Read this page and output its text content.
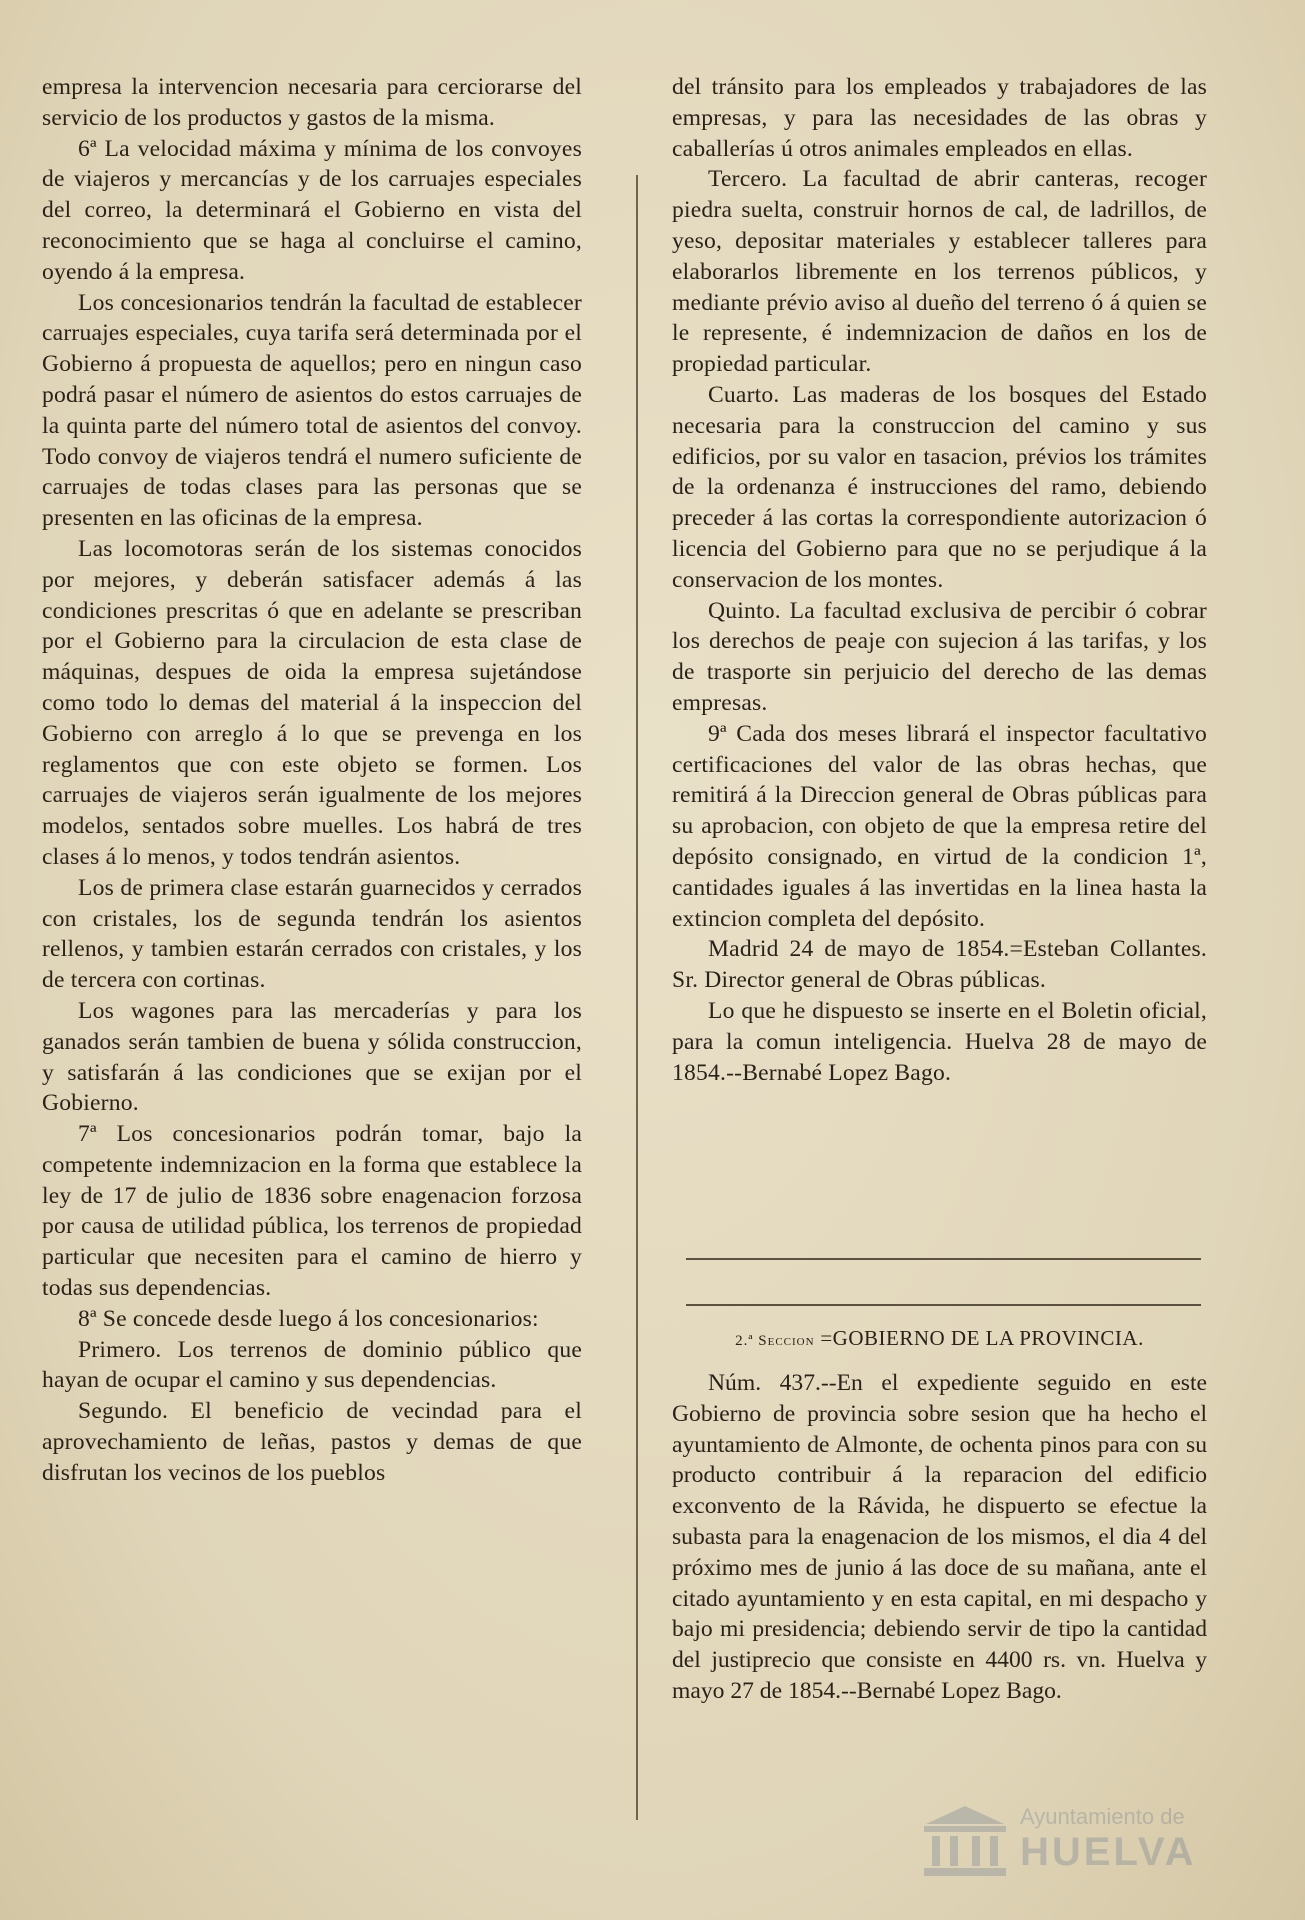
empresa la intervencion necesaria para cerciorarse del servicio de los productos y gastos de la misma.

6ª La velocidad máxima y mínima de los convoyes de viajeros y mercancías y de los carruajes especiales del correo, la determinará el Gobierno en vista del reconocimiento que se haga al concluirse el camino, oyendo á la empresa.

Los concesionarios tendrán la facultad de establecer carruajes especiales, cuya tarifa será determinada por el Gobierno á propuesta de aquellos; pero en ningun caso podrá pasar el número de asientos do estos carruajes de la quinta parte del número total de asientos del convoy. Todo convoy de viajeros tendrá el numero suficiente de carruajes de todas clases para las personas que se presenten en las oficinas de la empresa.

Las locomotoras serán de los sistemas conocidos por mejores, y deberán satisfacer además á las condiciones prescritas ó que en adelante se prescriban por el Gobierno para la circulacion de esta clase de máquinas, despues de oida la empresa sujetándose como todo lo demas del material á la inspeccion del Gobierno con arreglo á lo que se prevenga en los reglamentos que con este objeto se formen. Los carruajes de viajeros serán igualmente de los mejores modelos, sentados sobre muelles. Los habrá de tres clases á lo menos, y todos tendrán asientos.

Los de primera clase estarán guarnecidos y cerrados con cristales, los de segunda tendrán los asientos rellenos, y tambien estarán cerrados con cristales, y los de tercera con cortinas.

Los wagones para las mercaderías y para los ganados serán tambien de buena y sólida construccion, y satisfarán á las condiciones que se exijan por el Gobierno.

7ª Los concesionarios podrán tomar, bajo la competente indemnizacion en la forma que establece la ley de 17 de julio de 1836 sobre enagenacion forzosa por causa de utilidad pública, los terrenos de propiedad particular que necesiten para el camino de hierro y todas sus dependencias.

8ª Se concede desde luego á los concesionarios:

Primero. Los terrenos de dominio público que hayan de ocupar el camino y sus dependencias.

Segundo. El beneficio de vecindad para el aprovechamiento de leñas, pastos y demas de que disfrutan los vecinos de los pueblos

del tránsito para los empleados y trabajadores de las empresas, y para las necesidades de las obras y caballerías ú otros animales empleados en ellas.

Tercero. La facultad de abrir canteras, recoger piedra suelta, construir hornos de cal, de ladrillos, de yeso, depositar materiales y establecer talleres para elaborarlos libremente en los terrenos públicos, y mediante prévio aviso al dueño del terreno ó á quien se le represente, é indemnizacion de daños en los de propiedad particular.

Cuarto. Las maderas de los bosques del Estado necesaria para la construccion del camino y sus edificios, por su valor en tasacion, prévios los trámites de la ordenanza é instrucciones del ramo, debiendo preceder á las cortas la correspondiente autorizacion ó licencia del Gobierno para que no se perjudique á la conservacion de los montes.

Quinto. La facultad exclusiva de percibir ó cobrar los derechos de peaje con sujecion á las tarifas, y los de trasporte sin perjuicio del derecho de las demas empresas.

9ª Cada dos meses librará el inspector facultativo certificaciones del valor de las obras hechas, que remitirá á la Direccion general de Obras públicas para su aprobacion, con objeto de que la empresa retire del depósito consignado, en virtud de la condicion 1ª, cantidades iguales á las invertidas en la linea hasta la extincion completa del depósito.

Madrid 24 de mayo de 1854.=Esteban Collantes. Sr. Director general de Obras públicas.

Lo que he dispuesto se inserte en el Boletin oficial, para la comun inteligencia. Huelva 28 de mayo de 1854.--Bernabé Lopez Bago.

2.ª Seccion =GOBIERNO DE LA PROVINCIA.

Núm. 437.--En el expediente seguido en este Gobierno de provincia sobre sesion que ha hecho el ayuntamiento de Almonte, de ochenta pinos para con su producto contribuir á la reparacion del edificio exconvento de la Rávida, he dispuerto se efectue la subasta para la enagenacion de los mismos, el dia 4 del próximo mes de junio á las doce de su mañana, ante el citado ayuntamiento y en esta capital, en mi despacho y bajo mi presidencia; debiendo servir de tipo la cantidad del justiprecio que consiste en 4400 rs. vn. Huelva y mayo 27 de 1854.--Bernabé Lopez Bago.

Ayuntamiento de
HUELVA
